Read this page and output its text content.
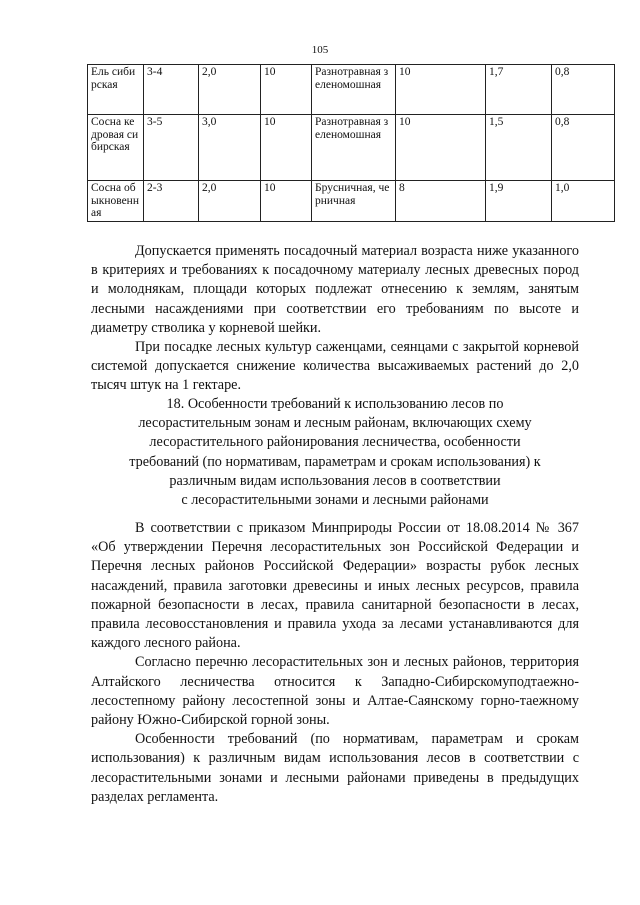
105
Ель сибирская	3-4	2,0	10	Разнотравная зеленомошная	10	1,7	0,8
Сосна кедровая сибирская	3-5	3,0	10	Разнотравная зеленомошная	10	1,5	0,8
Сосна обыкновенная	2-3	2,0	10	Брусничная, черничная	8	1,9	1,0

Допускается применять посадочный материал возраста ниже указанного в критериях и требованиях к посадочному материалу лесных древесных пород и молоднякам, площади которых подлежат отнесению к землям, занятым лесными насаждениями при соответствии его требованиям по высоте и диаметру стволика у корневой шейки.

При посадке лесных культур саженцами, сеянцами с закрытой корневой системой допускается снижение количества высаживаемых растений до 2,0 тысяч штук на 1 гектаре.

18. Особенности требований к использованию лесов по
лесорастительным зонам и лесным районам, включающих схему
лесорастительного районирования лесничества, особенности
требований (по нормативам, параметрам и срокам использования) к
различным видам использования лесов в соответствии
с лесорастительными зонами и лесными районами

В соответствии с приказом Минприроды России от 18.08.2014 № 367 «Об утверждении Перечня лесорастительных зон Российской Федерации и Перечня лесных районов Российской Федерации» возрасты рубок лесных насаждений, правила заготовки древесины и иных лесных ресурсов, правила пожарной безопасности в лесах, правила санитарной безопасности в лесах, правила лесовосстановления и правила ухода за лесами устанавливаются для каждого лесного района.

Согласно перечню лесорастительных зон и лесных районов, территория Алтайского лесничества относится к Западно-Сибирскомуподтаежно-лесостепному району лесостепной зоны и Алтае-Саянскому горно-таежному району Южно-Сибирской горной зоны.

Особенности требований (по нормативам, параметрам и срокам использования) к различным видам использования лесов в соответствии с лесорастительными зонами и лесными районами приведены в предыдущих разделах регламента.
